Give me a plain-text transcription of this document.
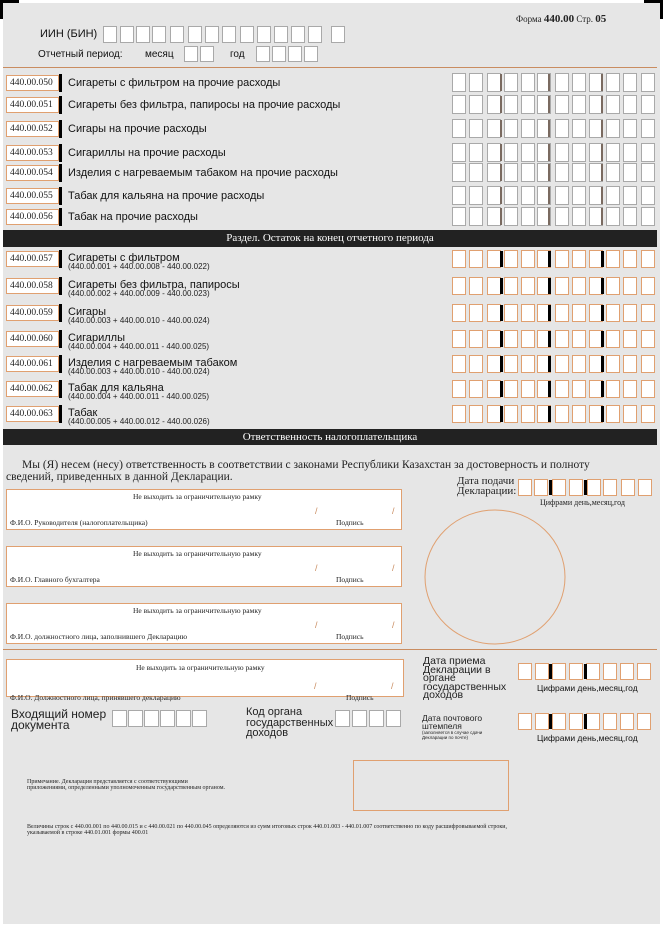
Форма 440.00 Стр. 05
ИИН (БИН)
Отчетный период: месяц	год
440.00.050	Сигареты с фильтром на прочие расходы
440.00.051	Сигареты без фильтра, папиросы на прочие расходы
440.00.052	Сигары на прочие расходы
440.00.053	Сигариллы на прочие расходы
440.00.054	Изделия с нагреваемым табаком на прочие расходы
440.00.055	Табак для кальяна на прочие расходы
440.00.056	Табак на прочие расходы
Раздел. Остаток на конец отчетного периода
440.00.057	Сигареты с фильтром
(440.00.001 + 440.00.008 - 440.00.022)
440.00.058	Сигареты без фильтра, папиросы
(440.00.002 + 440.00.009 - 440.00.023)
440.00.059	Сигары
(440.00.003 + 440.00.010 - 440.00.024)
440.00.060	Сигариллы
(440.00.004 + 440.00.011 - 440.00.025)
440.00.061	Изделия с нагреваемым табаком
(440.00.003 + 440.00.010 - 440.00.024)
440.00.062	Табак для кальяна
(440.00.004 + 440.00.011 - 440.00.025)
440.00.063	Табак
(440.00.005 + 440.00.012 - 440.00.026)
Ответственность налогоплательщика
Мы (Я) несем (несу) ответственность в соответствии с законами Республики Казахстан за достоверность и полноту
сведений, приведенных в данной Декларации.	Дата подачи
Декларации:
Цифрами день,месяц,год
Не выходить за ограничительную рамку
/	/
Ф.И.О. Руководителя (налогоплательщика)	Подпись
Не выходить за ограничительную рамку
/	/
Ф.И.О. Главного бухгалтера	Подпись
Не выходить за ограничительную рамку
/	/
Ф.И.О. должностного лица, заполнившего Декларацию	Подпись
Не выходить за ограничительную рамку
/	/
Ф.И.О. Должностного лица, принявшего декларацию	Подпись
Дата приема
Декларации в
органе
государственных
доходов
Цифрами день,месяц,год
Входящий номер
документа
Код органа
государственных
доходов
Дата почтового
штемпеля
(заполняется в случае сдачи
Декларации по почте)	Цифрами день,месяц,год
Примечание. Декларация представляется с соответствующими
приложениями, определенными уполномоченным государственным органом.
Величины строк с 440.00.001 по 440.00.015 и с 440.00.021 по 440.00.045 определяются из сумм итоговых строк 440.01.003 - 440.01.007 соответственно по коду расшифровываемой строки,
указываемой в строке 440.01.001 формы 400.01
